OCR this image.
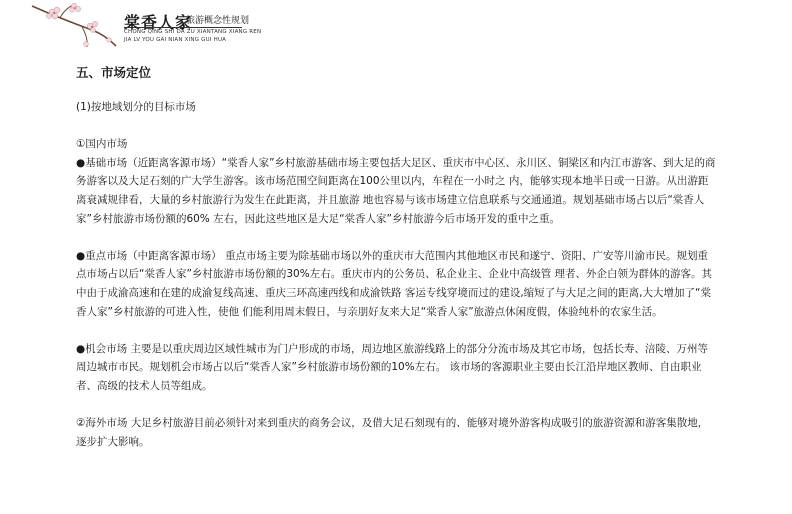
棠香人家
旅游概念性规划
CHONG QING SHI DA ZU XIANTANG XIANG REN
JIA LV YOU GAI NIAN XING GUI HUA
五、市场定位

(1)按地域划分的目标市场

①国内市场

●基础市场（近距离客源市场）“棠香人家”乡村旅游基础市场主要包括大足区、重庆市中心区、永川区、铜梁区和内江市游客、到大足的商务游客以及大足石刻的广大学生游客。该市场范围空间距离在100公里以内，车程在一小时之 内，能够实现本地半日或一日游。从出游距离衰减规律看，大量的乡村旅游行为发生在此距离，并且旅游 地也容易与该市场建立信息联系与交通通道。规划基础市场占以后“棠香人家”乡村旅游市场份额的60% 左右，因此这些地区是大足“棠香人家”乡村旅游今后市场开发的重中之重。

●重点市场（中距离客源市场） 重点市场主要为除基础市场以外的重庆市大范围内其他地区市民和遂宁、资阳、广安等川渝市民。规划重点市场占以后“棠香人家”乡村旅游市场份额的30%左右。重庆市内的公务员、私企业主、企业中高级管 理者、外企白领为群体的游客。其中由于成渝高速和在建的成渝复线高速、重庆三环高速西线和成渝铁路 客运专线穿境而过的建设,缩短了与大足之间的距离,大大增加了“棠香人家”乡村旅游的可进入性，使他 们能利用周末假日，与亲朋好友来大足“棠香人家”旅游点休闲度假，体验纯朴的农家生活。

●机会市场 主要是以重庆周边区域性城市为门户形成的市场，周边地区旅游线路上的部分分流市场及其它市场，包括长寿、涪陵、万州等周边城市市民。规划机会市场占以后“棠香人家”乡村旅游市场份额的10%左右。 该市场的客源职业主要由长江沿岸地区教师、自由职业者、高级的技术人员等组成。

②海外市场 大足乡村旅游目前必须针对来到重庆的商务会议，及借大足石刻现有的、能够对境外游客构成吸引的旅游资源和游客集散地，逐步扩大影响。
